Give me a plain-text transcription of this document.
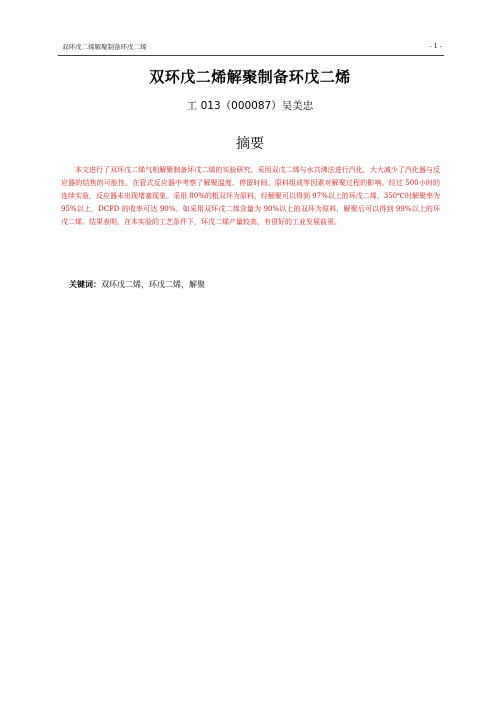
双环戊二烯解聚制备环戊二烯	- 1 -
双环戊二烯解聚制备环戊二烯
工 013（000087）吴美忠
摘要
本文进行了双环戊二烯气相解聚制备环戊二烯的实验研究。采用双戊二烯与水共沸法进行汽化，大大减少了汽化器与反应器的结焦的可能性。在管式反应器中考察了解聚温度、停留时间、原料组成等因素对解聚过程的影响。经过 500小时的连续实验，反应器未出现堵塞现象。采用 80%的粗双环为原料，经解聚可以得到 97%以上的环戊二烯，350℃时解聚率为95%以上，DCPD 的收率可达 90%。如采用双环戊二烯含量为 90%以上的双环为原料，解聚后可以得到 99%以上的环戊二烯。结果表明，在本实验的工艺条件下，环戊二烯产量较高，有很好的工业发展前景。
关键词：双环戊二烯，环戊二烯，解聚
